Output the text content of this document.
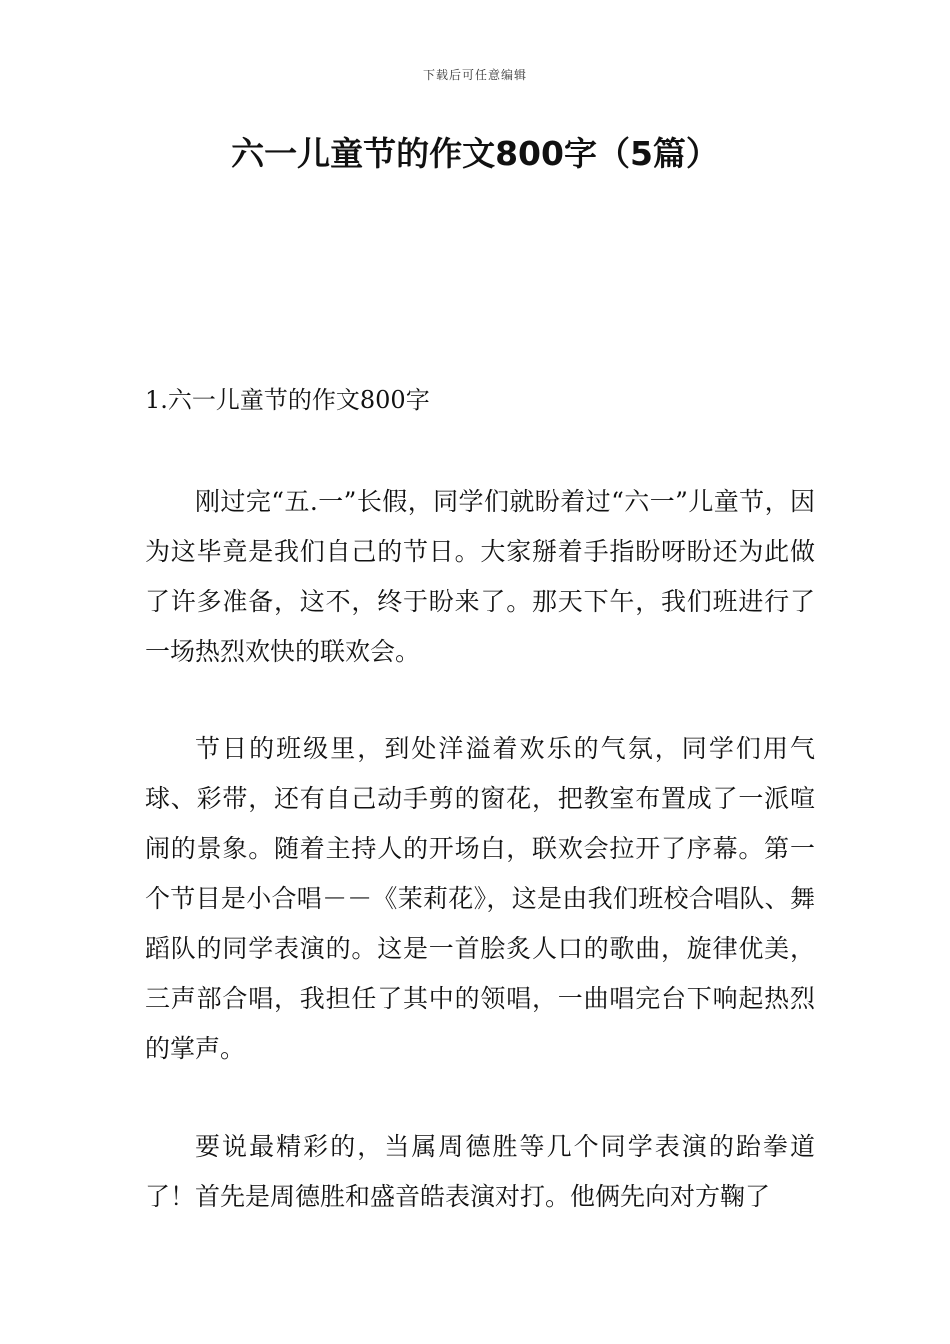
下载后可任意编辑
六一儿童节的作文800字（5篇）
1.六一儿童节的作文800字

刚过完“五.一”长假，同学们就盼着过“六一”儿童节，因为这毕竟是我们自己的节日。大家掰着手指盼呀盼还为此做了许多准备，这不，终于盼来了。那天下午，我们班进行了一场热烈欢快的联欢会。

节日的班级里，到处洋溢着欢乐的气氛，同学们用气球、彩带，还有自己动手剪的窗花，把教室布置成了一派喧闹的景象。随着主持人的开场白，联欢会拉开了序幕。第一个节目是小合唱－－《茉莉花》，这是由我们班校合唱队、舞蹈队的同学表演的。这是一首脍炙人口的歌曲，旋律优美，三声部合唱，我担任了其中的领唱，一曲唱完台下响起热烈的掌声。

要说最精彩的，当属周德胜等几个同学表演的跆拳道了！首先是周德胜和盛音皓表演对打。他俩先向对方鞠了
